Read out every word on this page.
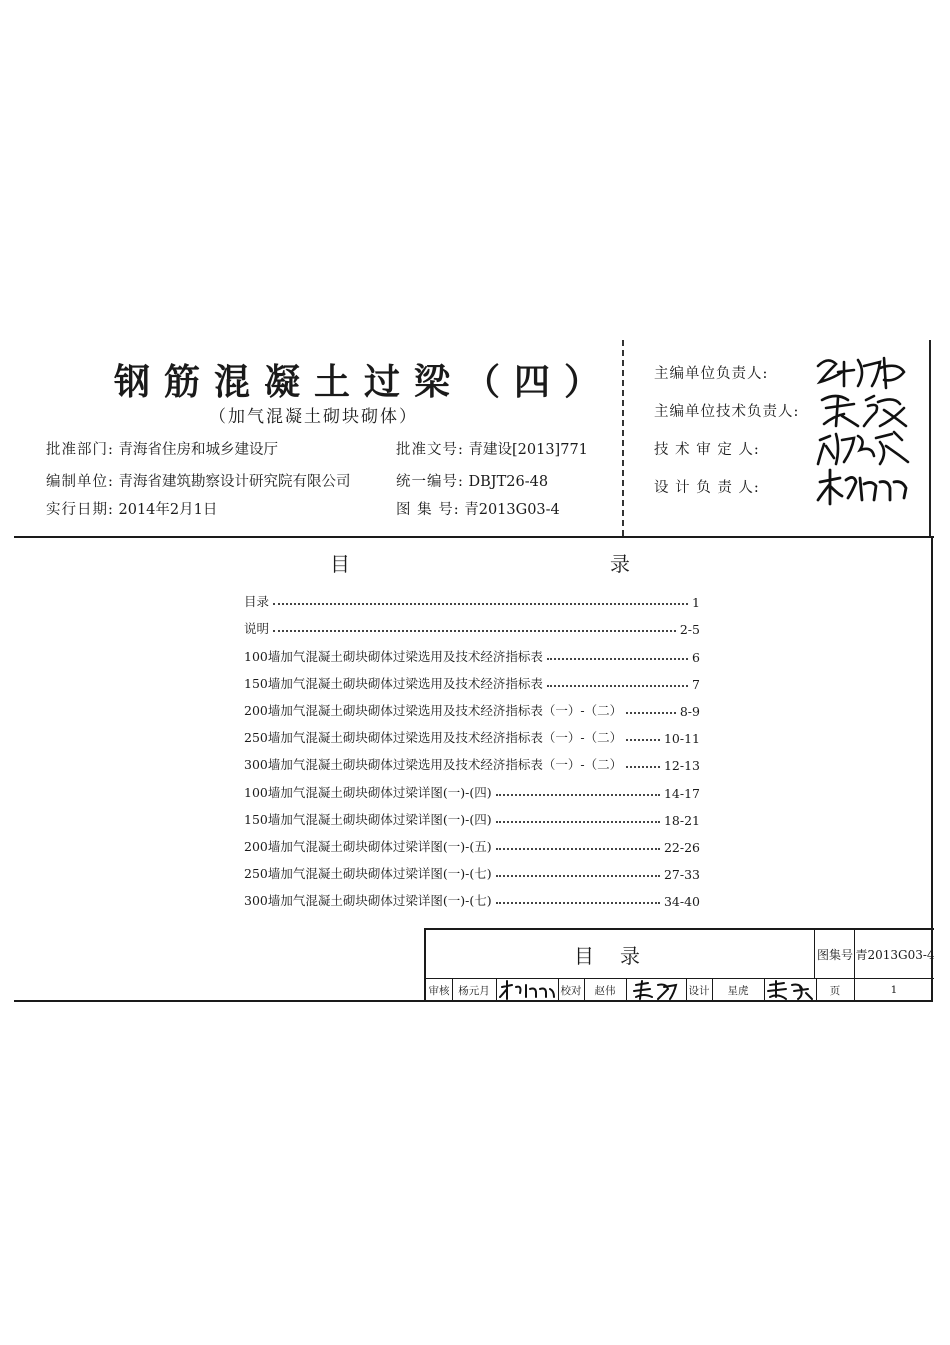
钢筋混凝土过梁（四）
（加气混凝土砌块砌体）
批准部门: 青海省住房和城乡建设厅
编制单位: 青海省建筑勘察设计研究院有限公司
实行日期: 2014年2月1日
批准文号: 青建设[2013]771
统一编号: DBJT26-48
图 集 号: 青2013G03-4
主编单位负责人:
主编单位技术负责人:
技 术 审 定 人:
设 计 负 责 人:
目	录
目录	1
说明	2-5
100墙加气混凝土砌块砌体过梁选用及技术经济指标表	6
150墙加气混凝土砌块砌体过梁选用及技术经济指标表	7
200墙加气混凝土砌块砌体过梁选用及技术经济指标表（一）-（二）	8-9
250墙加气混凝土砌块砌体过梁选用及技术经济指标表（一）-（二）	10-11
300墙加气混凝土砌块砌体过梁选用及技术经济指标表（一）-（二）	12-13
100墙加气混凝土砌块砌体过梁详图(一)-(四)	14-17
150墙加气混凝土砌块砌体过梁详图(一)-(四)	18-21
200墙加气混凝土砌块砌体过梁详图(一)-(五)	22-26
250墙加气混凝土砌块砌体过梁详图(一)-(七)	27-33
300墙加气混凝土砌块砌体过梁详图(一)-(七)	34-40
目录	图集号 青2013G03-4
审核 杨元月	校对	赵伟	设计	星虎	页	1
